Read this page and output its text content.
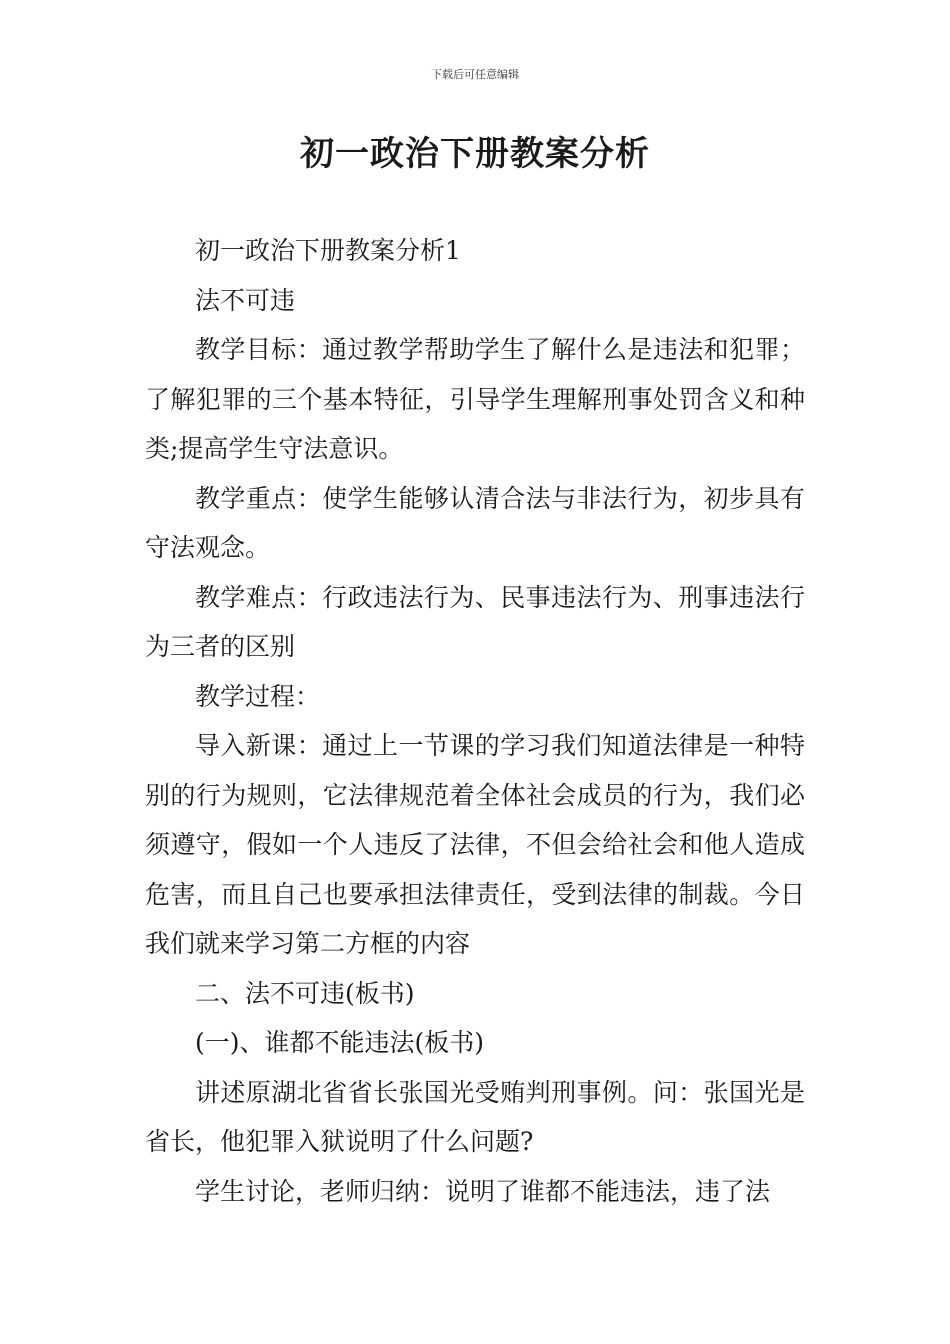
下载后可任意编辑
初一政治下册教案分析

初一政治下册教案分析1

法不可违

教学目标：通过教学帮助学生了解什么是违法和犯罪；了解犯罪的三个基本特征，引导学生理解刑事处罚含义和种类;提高学生守法意识。

教学重点：使学生能够认清合法与非法行为，初步具有守法观念。

教学难点：行政违法行为、民事违法行为、刑事违法行为三者的区别

教学过程：

导入新课：通过上一节课的学习我们知道法律是一种特别的行为规则，它法律规范着全体社会成员的行为，我们必须遵守，假如一个人违反了法律，不但会给社会和他人造成危害，而且自己也要承担法律责任，受到法律的制裁。今日我们就来学习第二方框的内容

二、法不可违(板书)

(一)、谁都不能违法(板书)

讲述原湖北省省长张国光受贿判刑事例。问：张国光是省长，他犯罪入狱说明了什么问题?

学生讨论，老师归纳：说明了谁都不能违法，违了法
